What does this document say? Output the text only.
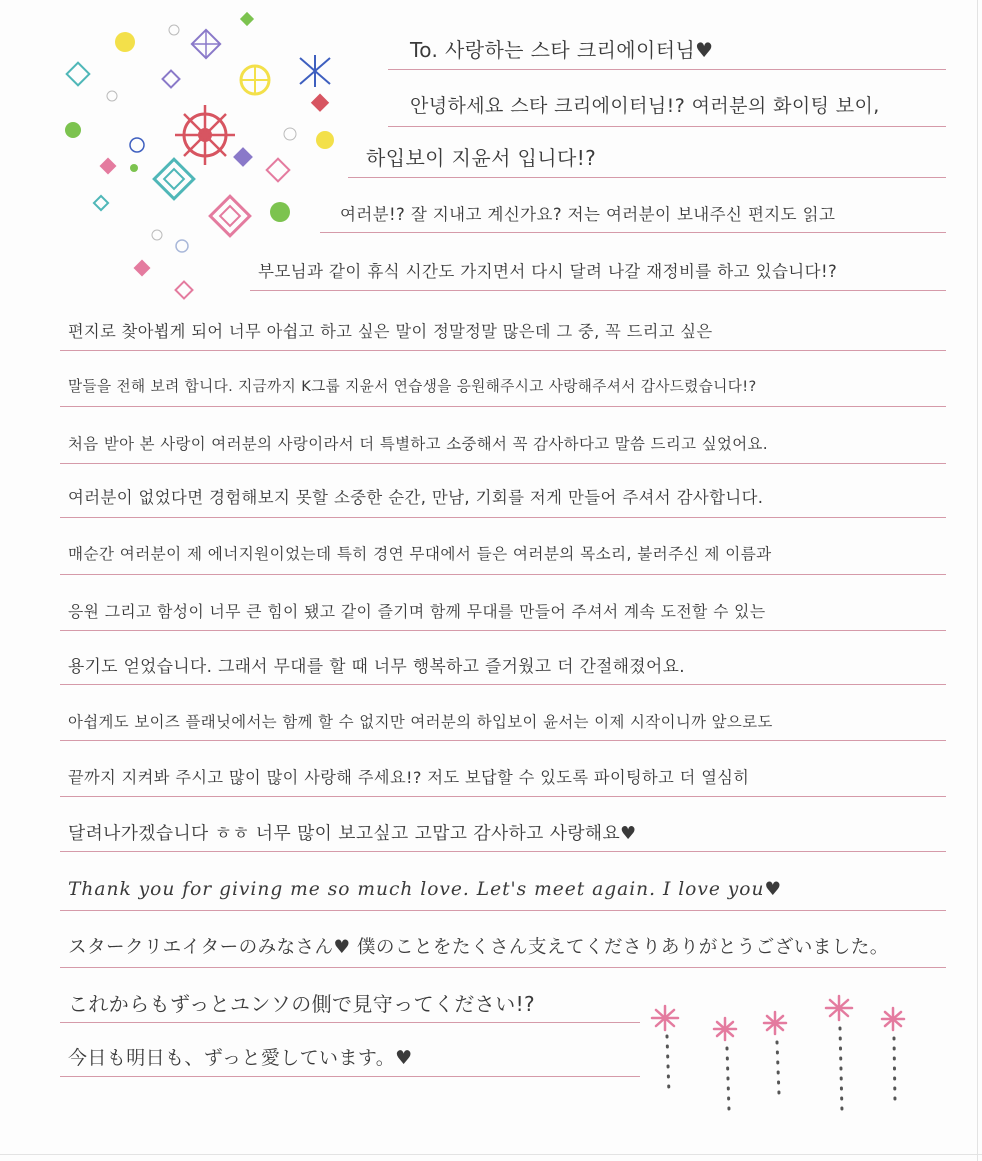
To. 사랑하는 스타 크리에이터님♥
안녕하세요 스타 크리에이터님!? 여러분의 화이팅 보이,
하입보이 지윤서 입니다!?
여러분!? 잘 지내고 계신가요? 저는 여러분이 보내주신 편지도 읽고
부모님과 같이 휴식 시간도 가지면서 다시 달려 나갈 재정비를 하고 있습니다!?
편지로 찾아뵙게 되어 너무 아쉽고 하고 싶은 말이 정말정말 많은데 그 중, 꼭 드리고 싶은
말들을 전해 보려 합니다. 지금까지 K그룹 지윤서 연습생을 응원해주시고 사랑해주셔서 감사드렸습니다!?
처음 받아 본 사랑이 여러분의 사랑이라서 더 특별하고 소중해서 꼭 감사하다고 말씀 드리고 싶었어요.
여러분이 없었다면 경험해보지 못할 소중한 순간, 만남, 기회를 저게 만들어 주셔서 감사합니다.
매순간 여러분이 제 에너지원이었는데 특히 경연 무대에서 들은 여러분의 목소리, 불러주신 제 이름과
응원 그리고 함성이 너무 큰 힘이 됐고 같이 즐기며 함께 무대를 만들어 주셔서 계속 도전할 수 있는
용기도 얻었습니다. 그래서 무대를 할 때 너무 행복하고 즐거웠고 더 간절해졌어요.
아쉽게도 보이즈 플래닛에서는 함께 할 수 없지만 여러분의 하입보이 윤서는 이제 시작이니까 앞으로도
끝까지 지켜봐 주시고 많이 많이 사랑해 주세요!? 저도 보답할 수 있도록 파이팅하고 더 열심히
달려나가겠습니다 ㅎㅎ 너무 많이 보고싶고 고맙고 감사하고 사랑해요♥
Thank you for giving me so much love. Let's meet again. I love you♥
スタークリエイターのみなさん♥ 僕のことをたくさん支えてくださりありがとうございました。
これからもずっとユンソの側で見守ってください!?
今日も明日も、ずっと愛しています。♥
